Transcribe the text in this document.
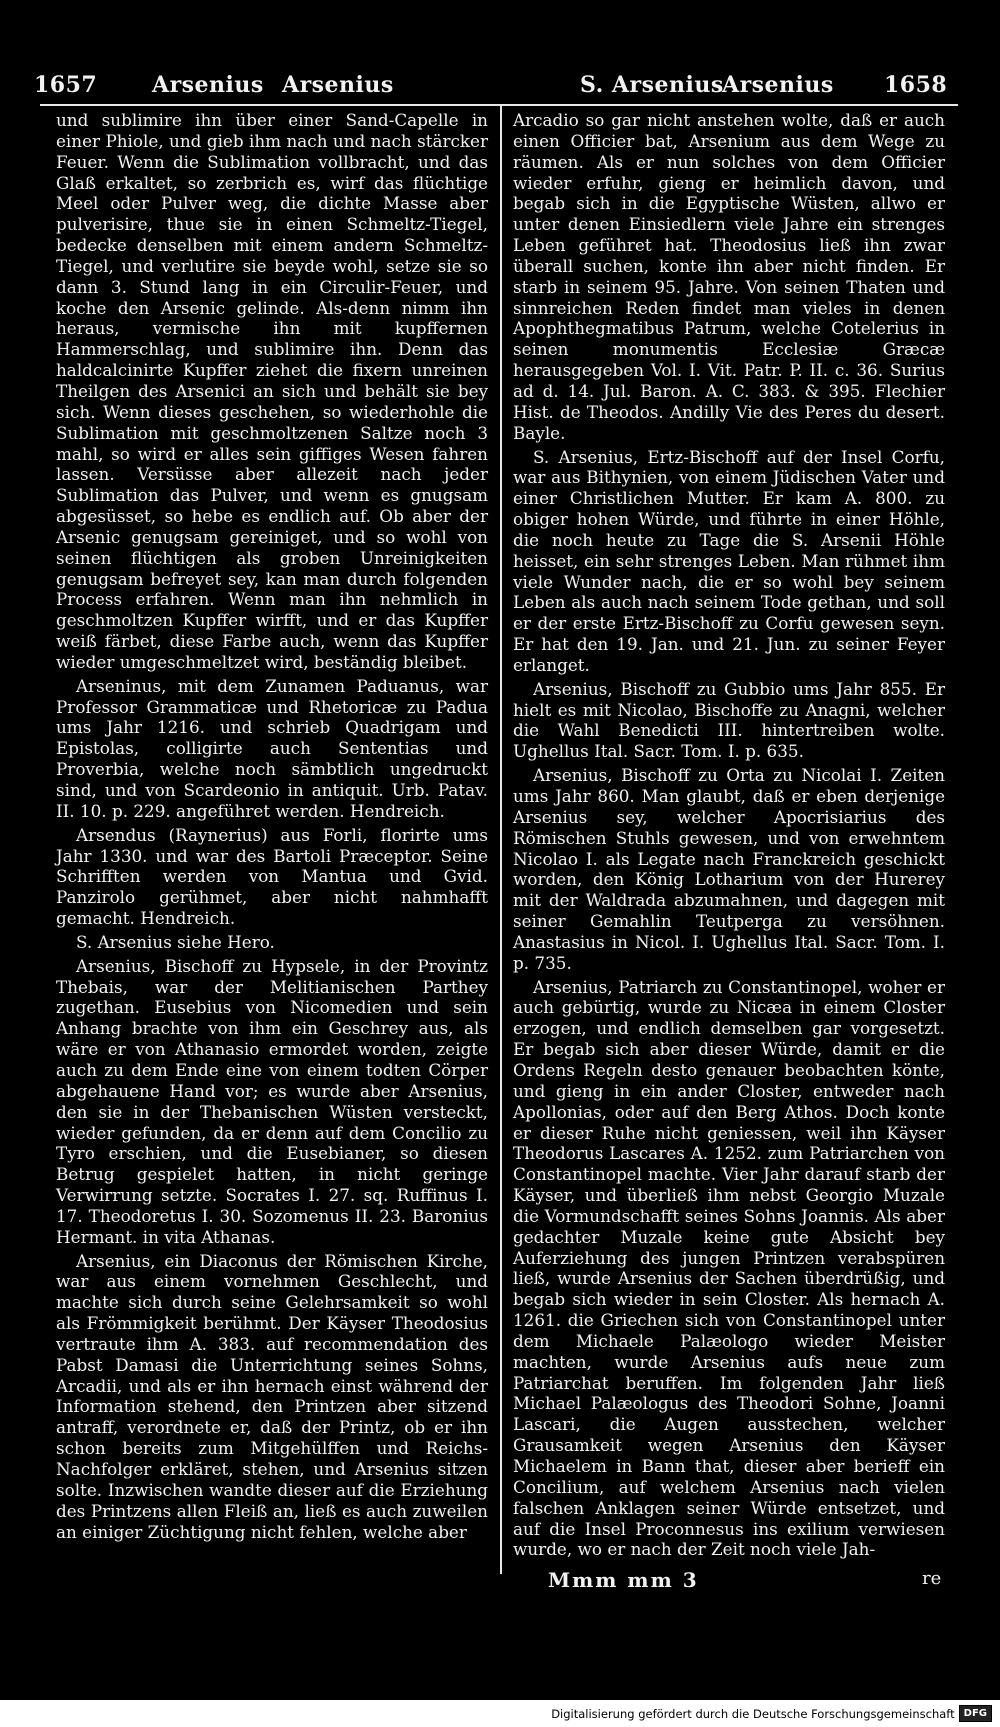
1657 Arsenius Arsenius	S. Arsenius
Arsenius 1658

und sublimire ihn über einer Sand-Capelle in einer Phiole, und gieb ihm nach und nach stärcker Feuer. Wenn die Sublimation vollbracht, und das Glaß erkaltet, so zerbrich es, wirf das flüchtige Meel oder Pulver weg, die dichte Masse aber pulverisire, thue sie in einen Schmeltz-Tiegel, bedecke denselben mit einem andern Schmeltz-Tiegel, und verlutire sie beyde wohl, setze sie so dann 3. Stund lang in ein Circulir-Feuer, und koche den Arsenic gelinde. Als-denn nimm ihn heraus, vermische ihn mit kupffernen Hammerschlag, und sublimire ihn. Denn das haldcalcinirte Kupffer ziehet die fixern unreinen Theilgen des Arsenici an sich und behält sie bey sich. Wenn dieses geschehen, so wiederhohle die Sublimation mit geschmoltzenen Saltze noch 3 mahl, so wird er alles sein giffiges Wesen fahren lassen. Versüsse aber allezeit nach jeder Sublimation das Pulver, und wenn es gnugsam abgesüsset, so hebe es endlich auf. Ob aber der Arsenic genugsam gereiniget, und so wohl von seinen flüchtigen als groben Unreinigkeiten genugsam befreyet sey, kan man durch folgenden Process erfahren. Wenn man ihn nehmlich in geschmoltzen Kupffer wirfft, und er das Kupffer weiß färbet, diese Farbe auch, wenn das Kupffer wieder umgeschmeltzet wird, beständig bleibet.

Arseninus, mit dem Zunamen Paduanus, war Professor Grammaticæ und Rhetoricæ zu Padua ums Jahr 1216. und schrieb Quadrigam und Epistolas, colligirte auch Sententias und Proverbia, welche noch sämbtlich ungedruckt sind, und von Scardeonio in antiquit. Urb. Patav. II. 10. p. 229. angeführet werden. Hendreich.

Arsendus (Raynerius) aus Forli, florirte ums Jahr 1330. und war des Bartoli Præceptor. Seine Schrifften werden von Mantua und Gvid. Panzirolo gerühmet, aber nicht nahmhafft gemacht. Hendreich.

S. Arsenius siehe Hero.

Arsenius, Bischoff zu Hypsele, in der Provintz Thebais, war der Melitianischen Parthey zugethan. Eusebius von Nicomedien und sein Anhang brachte von ihm ein Geschrey aus, als wäre er von Athanasio ermordet worden, zeigte auch zu dem Ende eine von einem todten Cörper abgehauene Hand vor; es wurde aber Arsenius, den sie in der Thebanischen Wüsten versteckt, wieder gefunden, da er denn auf dem Concilio zu Tyro erschien, und die Eusebianer, so diesen Betrug gespielet hatten, in nicht geringe Verwirrung setzte. Socrates I. 27. sq. Ruffinus I. 17. Theodoretus I. 30. Sozomenus II. 23. Baronius Hermant. in vita Athanas.

Arsenius, ein Diaconus der Römischen Kirche, war aus einem vornehmen Geschlecht, und machte sich durch seine Gelehrsamkeit so wohl als Frömmigkeit berühmt. Der Käyser Theodosius vertraute ihm A. 383. auf recommendation des Pabst Damasi die Unterrichtung seines Sohns, Arcadii, und als er ihn hernach einst während der Information stehend, den Printzen aber sitzend antraff, verordnete er, daß der Printz, ob er ihn schon bereits zum Mitgehülffen und Reichs-Nachfolger erkläret, stehen, und Arsenius sitzen solte. Inzwischen wandte dieser auf die Erziehung des Printzens allen Fleiß an, ließ es auch zuweilen an einiger Züchtigung nicht fehlen, welche aber

Arcadio so gar nicht anstehen wolte, daß er auch einen Officier bat, Arsenium aus dem Wege zu räumen. Als er nun solches von dem Officier wieder erfuhr, gieng er heimlich davon, und begab sich in die Egyptische Wüsten, allwo er unter denen Einsiedlern viele Jahre ein strenges Leben geführet hat. Theodosius ließ ihn zwar überall suchen, konte ihn aber nicht finden. Er starb in seinem 95. Jahre. Von seinen Thaten und sinnreichen Reden findet man vieles in denen Apophthegmatibus Patrum, welche Cotelerius in seinen monumentis Ecclesiæ Græcæ herausgegeben Vol. I. Vit. Patr. P. II. c. 36. Surius ad d. 14. Jul. Baron. A. C. 383. & 395. Flechier Hist. de Theodos. Andilly Vie des Peres du desert. Bayle.

S. Arsenius, Ertz-Bischoff auf der Insel Corfu, war aus Bithynien, von einem Jüdischen Vater und einer Christlichen Mutter. Er kam A. 800. zu obiger hohen Würde, und führte in einer Höhle, die noch heute zu Tage die S. Arsenii Höhle heisset, ein sehr strenges Leben. Man rühmet ihm viele Wunder nach, die er so wohl bey seinem Leben als auch nach seinem Tode gethan, und soll er der erste Ertz-Bischoff zu Corfu gewesen seyn. Er hat den 19. Jan. und 21. Jun. zu seiner Feyer erlanget.

Arsenius, Bischoff zu Gubbio ums Jahr 855. Er hielt es mit Nicolao, Bischoffe zu Anagni, welcher die Wahl Benedicti III. hintertreiben wolte. Ughellus Ital. Sacr. Tom. I. p. 635.

Arsenius, Bischoff zu Orta zu Nicolai I. Zeiten ums Jahr 860. Man glaubt, daß er eben derjenige Arsenius sey, welcher Apocrisiarius des Römischen Stuhls gewesen, und von erwehntem Nicolao I. als Legate nach Franckreich geschickt worden, den König Lotharium von der Hurerey mit der Waldrada abzumahnen, und dagegen mit seiner Gemahlin Teutperga zu versöhnen. Anastasius in Nicol. I. Ughellus Ital. Sacr. Tom. I. p. 735.

Arsenius, Patriarch zu Constantinopel, woher er auch gebürtig, wurde zu Nicæa in einem Closter erzogen, und endlich demselben gar vorgesetzt. Er begab sich aber dieser Würde, damit er die Ordens Regeln desto genauer beobachten könte, und gieng in ein ander Closter, entweder nach Apollonias, oder auf den Berg Athos. Doch konte er dieser Ruhe nicht geniessen, weil ihn Käyser Theodorus Lascares A. 1252. zum Patriarchen von Constantinopel machte. Vier Jahr darauf starb der Käyser, und überließ ihm nebst Georgio Muzale die Vormundschafft seines Sohns Joannis. Als aber gedachter Muzale keine gute Absicht bey Auferziehung des jungen Printzen verabspüren ließ, wurde Arsenius der Sachen überdrüßig, und begab sich wieder in sein Closter. Als hernach A. 1261. die Griechen sich von Constantinopel unter dem Michaele Palæologo wieder Meister machten, wurde Arsenius aufs neue zum Patriarchat beruffen. Im folgenden Jahr ließ Michael Palæologus des Theodori Sohne, Joanni Lascari, die Augen ausstechen, welcher Grausamkeit wegen Arsenius den Käyser Michaelem in Bann that, dieser aber berieff ein Concilium, auf welchem Arsenius nach vielen falschen Anklagen seiner Würde entsetzet, und auf die Insel Proconnesus ins exilium verwiesen wurde, wo er nach der Zeit noch viele Jah-

Mmm mm 3	re
Digitalisierung gefördert durch die Deutsche Forschungsgemeinschaft DFG
